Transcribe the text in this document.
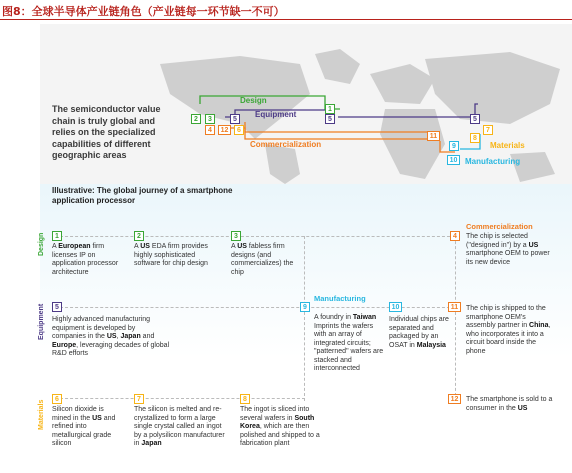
图8：全球半导体产业链角色（产业链每一环节缺一不可）
The semiconductor value chain is truly global and relies on the specialized capabilities of different geographic areas
Design
Equipment
Commercialization	Materials
Manufacturing
2	3
1
5	5	5
4	12	6	7
8
11
9
10
Illustrative: The global journey of a smartphone application processor
Design
Equipment
Materials
Manufacturing
Commercialization
1
A European firm licenses IP on application processor architecture
2
A US EDA firm provides highly sophisticated software for chip design
3
A US fabless firm designs (and commercializes) the chip
4	The chip is selected ("designed in") by a US smartphone OEM to power its new device
5
Highly advanced manufacturing equipment is developed by companies in the US, Japan and Europe, leveraging decades of global R&D efforts
9
A foundry in Taiwan Imprints the wafers with an array of integrated circuits; "patterned" wafers are stacked and interconnected
10
Individual chips are separated and packaged by an OSAT in Malaysia
11	The chip is shipped to the smartphone OEM's assembly partner in China, who incorporates it into a circuit board inside the phone
12	The smartphone is sold to a consumer in the US
6
Silicon dioxide is mined in the US and refined into metallurgical grade silicon
7
The silicon is melted and re-crystallized to form a large single crystal called an ingot by a polysilicon manufacturer in Japan
8
The ingot is sliced into several wafers in South Korea, which are then polished and shipped to a fabrication plant
